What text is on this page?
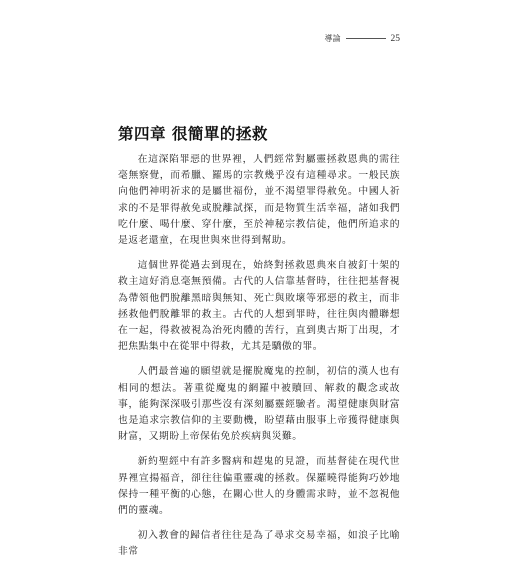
導論	25
第四章 很簡單的拯救

在這深陷罪惡的世界裡，人們經常對屬靈拯救恩典的需往毫無察覺，而希臘、羅馬的宗教幾乎沒有這種尋求。一般民族向他們神明祈求的是屬世福份，並不渴望罪得赦免。中國人祈求的不是罪得赦免或脫離試探，而是物質生活幸福，諸如我們吃什麼、喝什麼、穿什麼，至於神秘宗教信徒，他們所追求的是返老還童，在現世與來世得到幫助。

這個世界從過去到現在，始終對拯救恩典來自被釘十架的救主這好消息毫無預備。古代的人信靠基督時，往往把基督視為帶領他們脫離黑暗與無知、死亡與敗壞等邪惡的救主，而非拯救他們脫離罪的救主。古代的人想到罪時，往往與肉體聯想在一起，得救被視為治死肉體的苦行，直到奧古斯丁出現，才把焦點集中在從罪中得救，尤其是驕傲的罪。

人們最普遍的願望就是擺脫魔鬼的控制，初信的漢人也有相同的想法。著重從魔鬼的網羅中被贖回、解救的觀念或故事，能夠深深吸引那些沒有深刻屬靈經驗者。渴望健康與財富也是追求宗教信仰的主要動機，盼望藉由服事上帝獲得健康與財富，又期盼上帝保佑免於疾病與災難。

新約聖經中有許多醫病和趕鬼的見證，而基督徒在現代世界裡宣揚福音，卻往往偏重靈魂的拯救。保羅曉得能夠巧妙地保持一種平衡的心態，在關心世人的身體需求時，並不忽視他們的靈魂。

初入教會的歸信者往往是為了尋求交易幸福，如浪子比喻非常
